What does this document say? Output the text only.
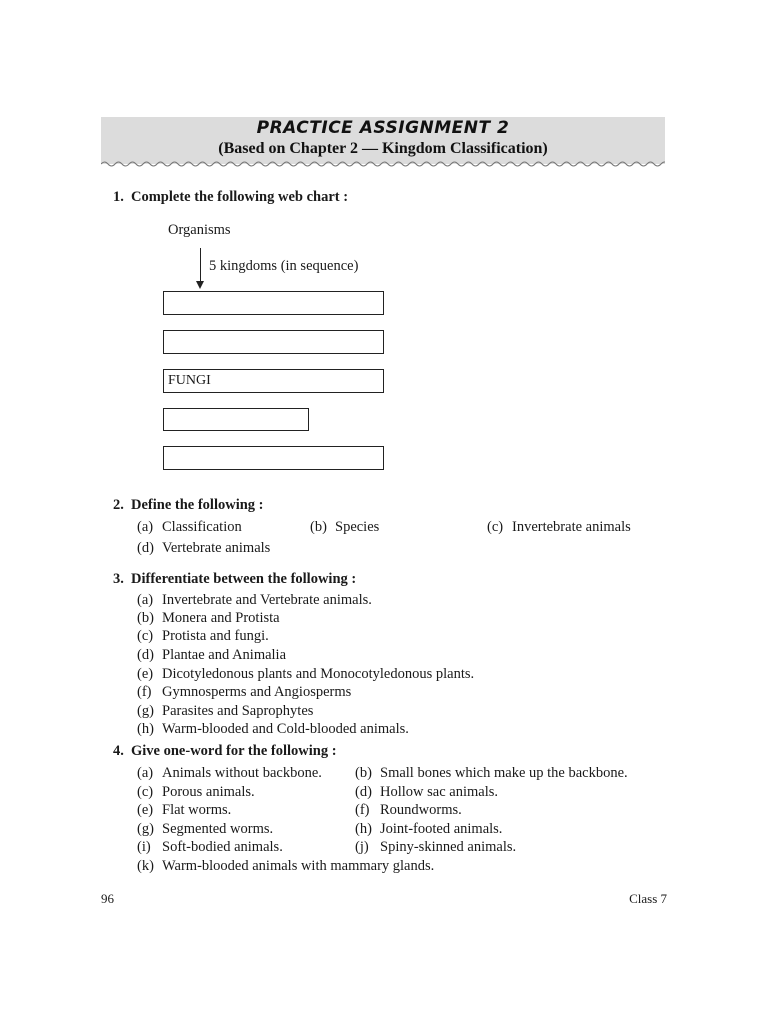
PRACTICE ASSIGNMENT 2
(Based on Chapter 2 — Kingdom Classification)
1. Complete the following web chart :
Organisms
5 kingdoms (in sequence)
FUNGI
2. Define the following :
(a) Classification	(b) Species	(c) Invertebrate animals
(d) Vertebrate animals
3. Differentiate between the following :
(a) Invertebrate and Vertebrate animals.
(b) Monera and Protista
(c) Protista and fungi.
(d) Plantae and Animalia
(e) Dicotyledonous plants and Monocotyledonous plants.
(f) Gymnosperms and Angiosperms
(g) Parasites and Saprophytes
(h) Warm-blooded and Cold-blooded animals.
4. Give one-word for the following :
(a) Animals without backbone. (b) Small bones which make up the backbone.
(c) Porous animals.	(d) Hollow sac animals.
(e) Flat worms.	(f) Roundworms.
(g) Segmented worms.	(h) Joint-footed animals.
(i) Soft-bodied animals.	(j) Spiny-skinned animals.
(k) Warm-blooded animals with mammary glands.
96	Class 7
